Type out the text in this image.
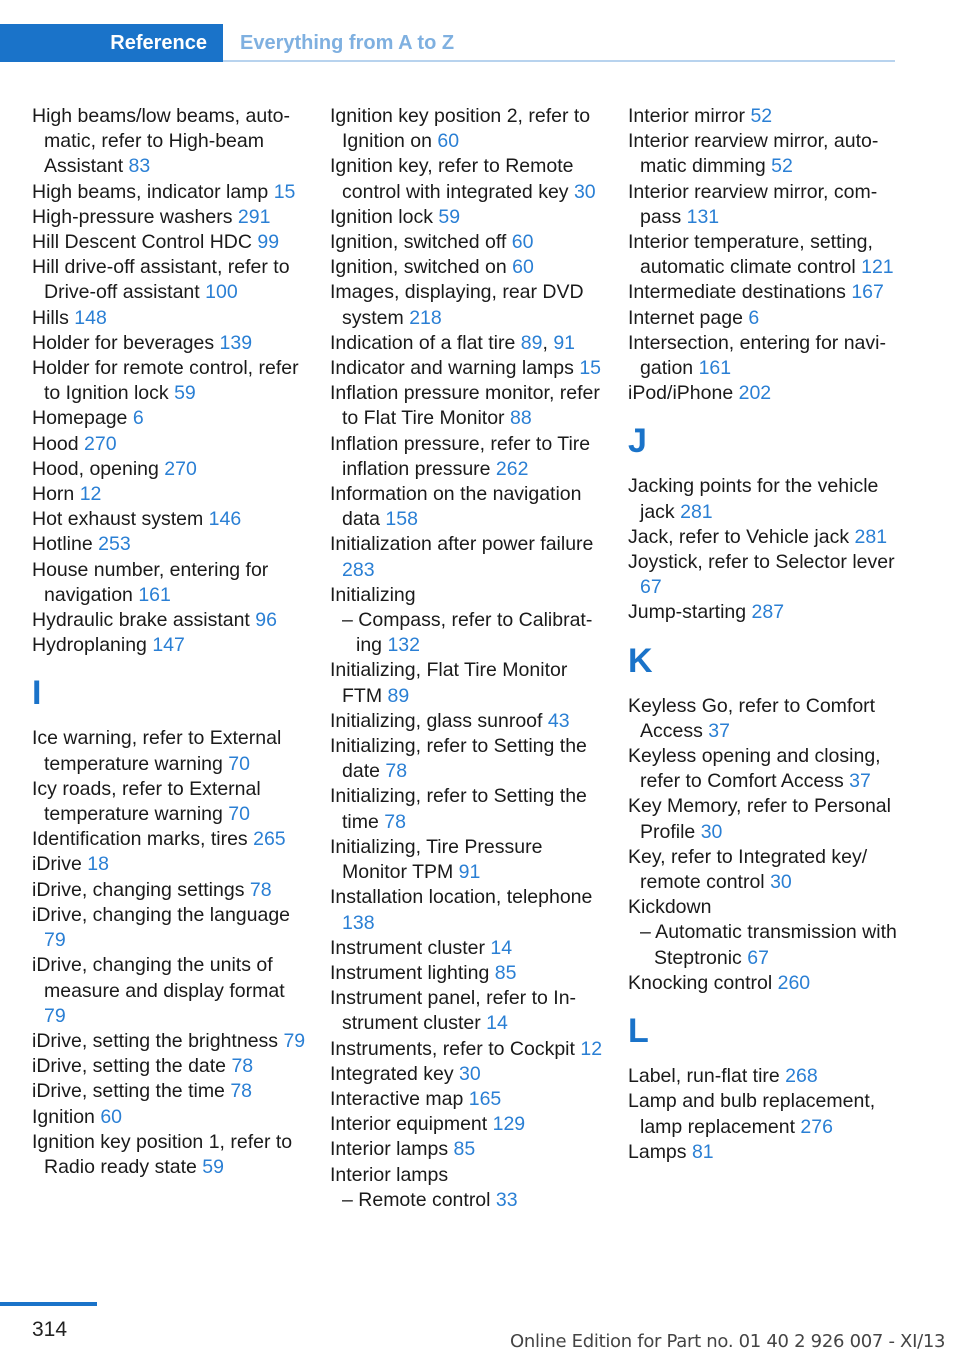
Reference	Everything from A to Z
High beams/low beams, automatic, refer to High-beam Assistant 83
High beams, indicator lamp 15
High-pressure washers 291
Hill Descent Control HDC 99
Hill drive-off assistant, refer to Drive-off assistant 100
Hills 148
Holder for beverages 139
Holder for remote control, refer to Ignition lock 59
Homepage 6
Hood 270
Hood, opening 270
Horn 12
Hot exhaust system 146
Hotline 253
House number, entering for navigation 161
Hydraulic brake assistant 96
Hydroplaning 147
I
Ice warning, refer to External temperature warning 70
Icy roads, refer to External temperature warning 70
Identification marks, tires 265
iDrive 18
iDrive, changing settings 78
iDrive, changing the language 79
iDrive, changing the units of measure and display format 79
iDrive, setting the brightness 79
iDrive, setting the date 78
iDrive, setting the time 78
Ignition 60
Ignition key position 1, refer to Radio ready state 59
Ignition key position 2, refer to Ignition on 60
Ignition key, refer to Remote control with integrated key 30
Ignition lock 59
Ignition, switched off 60
Ignition, switched on 60
Images, displaying, rear DVD system 218
Indication of a flat tire 89, 91
Indicator and warning lamps 15
Inflation pressure monitor, refer to Flat Tire Monitor 88
Inflation pressure, refer to Tire inflation pressure 262
Information on the navigation data 158
Initialization after power failure 283
Initializing
– Compass, refer to Calibrating 132
Initializing, Flat Tire Monitor FTM 89
Initializing, glass sunroof 43
Initializing, refer to Setting the date 78
Initializing, refer to Setting the time 78
Initializing, Tire Pressure Monitor TPM 91
Installation location, telephone 138
Instrument cluster 14
Instrument lighting 85
Instrument panel, refer to Instrument cluster 14
Instruments, refer to Cockpit 12
Integrated key 30
Interactive map 165
Interior equipment 129
Interior lamps 85
Interior lamps
– Remote control 33
Interior mirror 52
Interior rearview mirror, automatic dimming 52
Interior rearview mirror, compass 131
Interior temperature, setting, automatic climate control 121
Intermediate destinations 167
Internet page 6
Intersection, entering for navigation 161
iPod/iPhone 202
J
Jacking points for the vehicle jack 281
Jack, refer to Vehicle jack 281
Joystick, refer to Selector lever 67
Jump-starting 287
K
Keyless Go, refer to Comfort Access 37
Keyless opening and closing, refer to Comfort Access 37
Key Memory, refer to Personal Profile 30
Key, refer to Integrated key/ remote control 30
Kickdown
– Automatic transmission with Steptronic 67
Knocking control 260
L
Label, run-flat tire 268
Lamp and bulb replacement, lamp replacement 276
Lamps 81
314
Online Edition for Part no. 01 40 2 926 007 - XI/13
